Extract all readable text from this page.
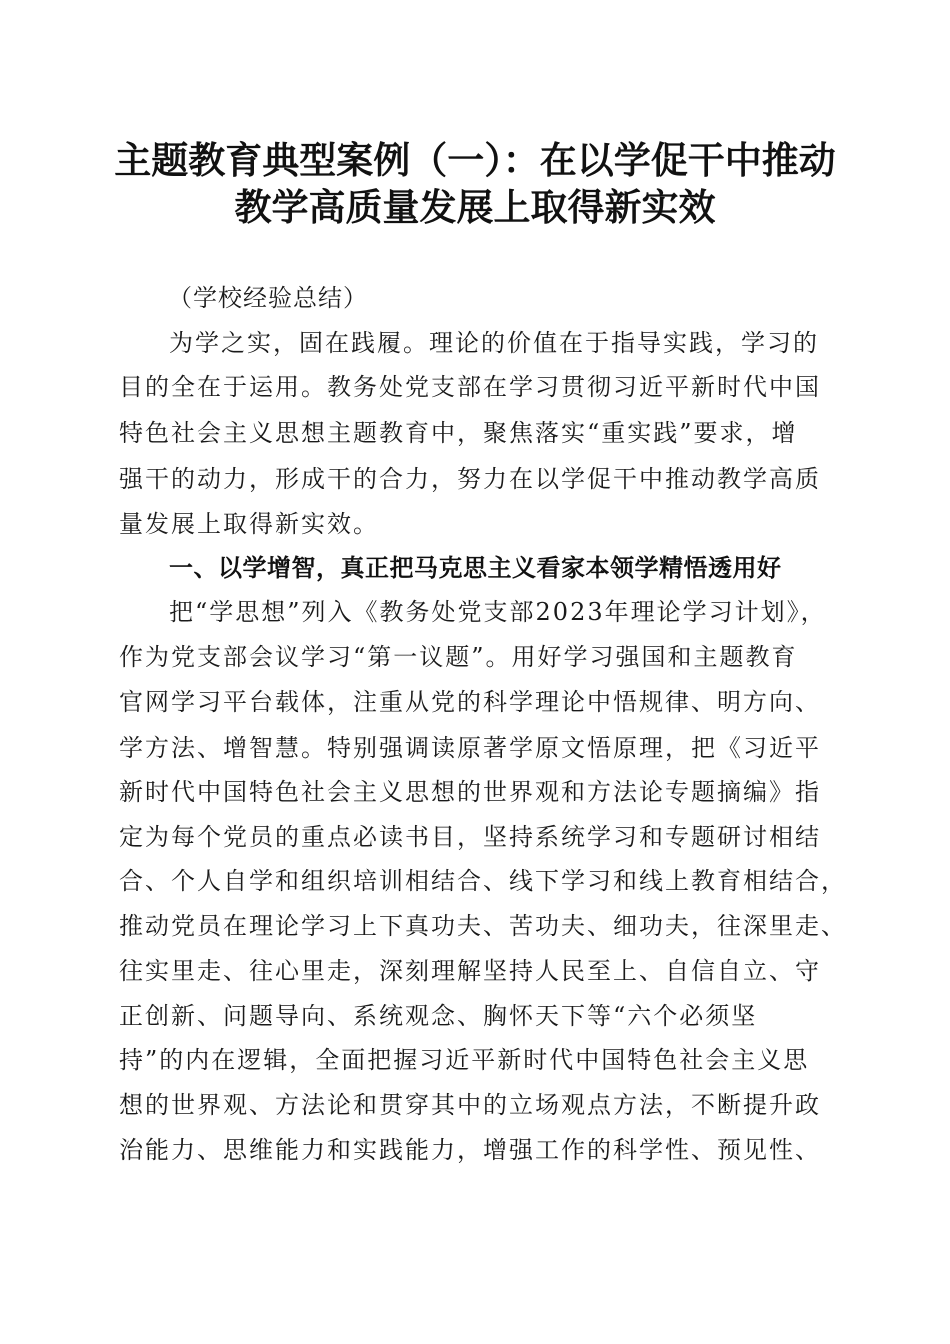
主题教育典型案例（一）：在以学促干中推动
教学高质量发展上取得新实效
（学校经验总结）
为学之实，固在践履。理论的价值在于指导实践，学习的
目的全在于运用。教务处党支部在学习贯彻习近平新时代中国
特色社会主义思想主题教育中，聚焦落实“重实践”要求，增
强干的动力，形成干的合力，努力在以学促干中推动教学高质
量发展上取得新实效。
一、以学增智，真正把马克思主义看家本领学精悟透用好
把“学思想”列入《教务处党支部2023年理论学习计划》，
作为党支部会议学习“第一议题”。用好学习强国和主题教育
官网学习平台载体，注重从党的科学理论中悟规律、明方向、
学方法、增智慧。特别强调读原著学原文悟原理，把《习近平
新时代中国特色社会主义思想的世界观和方法论专题摘编》指
定为每个党员的重点必读书目，坚持系统学习和专题研讨相结
合、个人自学和组织培训相结合、线下学习和线上教育相结合，
推动党员在理论学习上下真功夫、苦功夫、细功夫，往深里走、
往实里走、往心里走，深刻理解坚持人民至上、自信自立、守
正创新、问题导向、系统观念、胸怀天下等“六个必须坚
持”的内在逻辑，全面把握习近平新时代中国特色社会主义思
想的世界观、方法论和贯穿其中的立场观点方法，不断提升政
治能力、思维能力和实践能力，增强工作的科学性、预见性、
